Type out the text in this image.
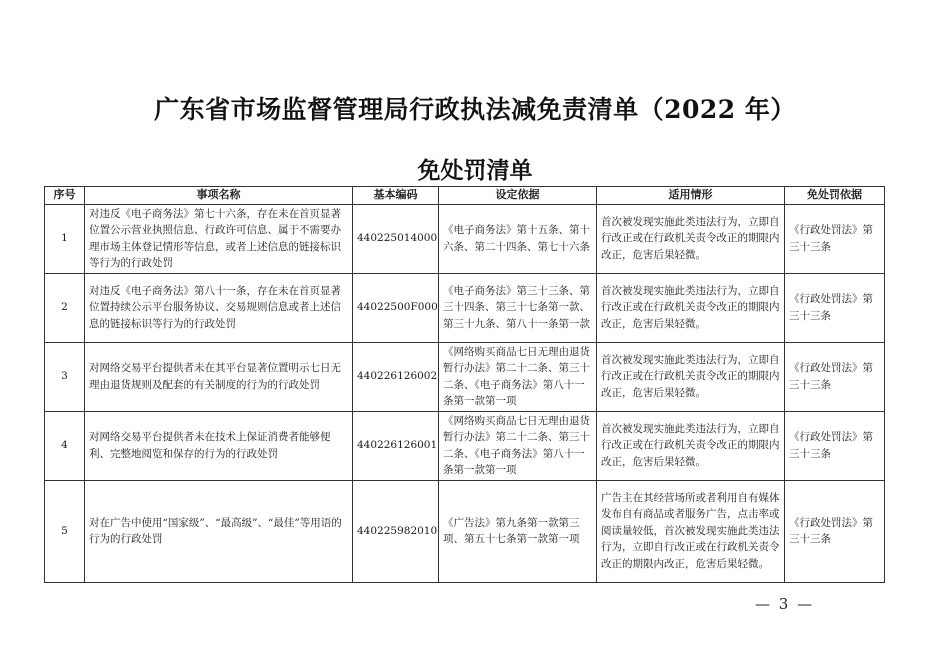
广东省市场监督管理局行政执法减免责清单（2022 年）
免处罚清单
序号	事项名称	基本编码	设定依据	适用情形	免处罚依据
1	对违反《电子商务法》第七十六条，存在未在首页显著位置公示营业执照信息、行政许可信息、属于不需要办理市场主体登记情形等信息，或者上述信息的链接标识等行为的行政处罚	440225014000	《电子商务法》第十五条、第十六条、第二十四条、第七十六条	首次被发现实施此类违法行为，立即自行改正或在行政机关责令改正的期限内改正，危害后果轻微。	《行政处罚法》第三十三条
2	对违反《电子商务法》第八十一条，存在未在首页显著位置持续公示平台服务协议、交易规则信息或者上述信息的链接标识等行为的行政处罚	44022500F000	《电子商务法》第三十三条、第三十四条、第三十七条第一款、第三十九条、第八十一条第一款	首次被发现实施此类违法行为，立即自行改正或在行政机关责令改正的期限内改正，危害后果轻微。	《行政处罚法》第三十三条
3	对网络交易平台提供者未在其平台显著位置明示七日无理由退货规则及配套的有关制度的行为的行政处罚	440226126002	《网络购买商品七日无理由退货暂行办法》第二十二条、第三十二条、《电子商务法》第八十一条第一款第一项	首次被发现实施此类违法行为，立即自行改正或在行政机关责令改正的期限内改正，危害后果轻微。	《行政处罚法》第三十三条
4	对网络交易平台提供者未在技术上保证消费者能够便利、完整地阅览和保存的行为的行政处罚	440226126001	《网络购买商品七日无理由退货暂行办法》第二十二条、第三十二条、《电子商务法》第八十一条第一款第一项	首次被发现实施此类违法行为，立即自行改正或在行政机关责令改正的期限内改正，危害后果轻微。	《行政处罚法》第三十三条
5	对在广告中使用“国家级”、“最高级”、“最佳”等用语的行为的行政处罚	440225982010	《广告法》第九条第一款第三项、第五十七条第一款第一项	广告主在其经营场所或者利用自有媒体发布自有商品或者服务广告，点击率或阅读量较低，首次被发现实施此类违法行为，立即自行改正或在行政机关责令改正的期限内改正，危害后果轻微。	《行政处罚法》第三十三条
— 3 —
